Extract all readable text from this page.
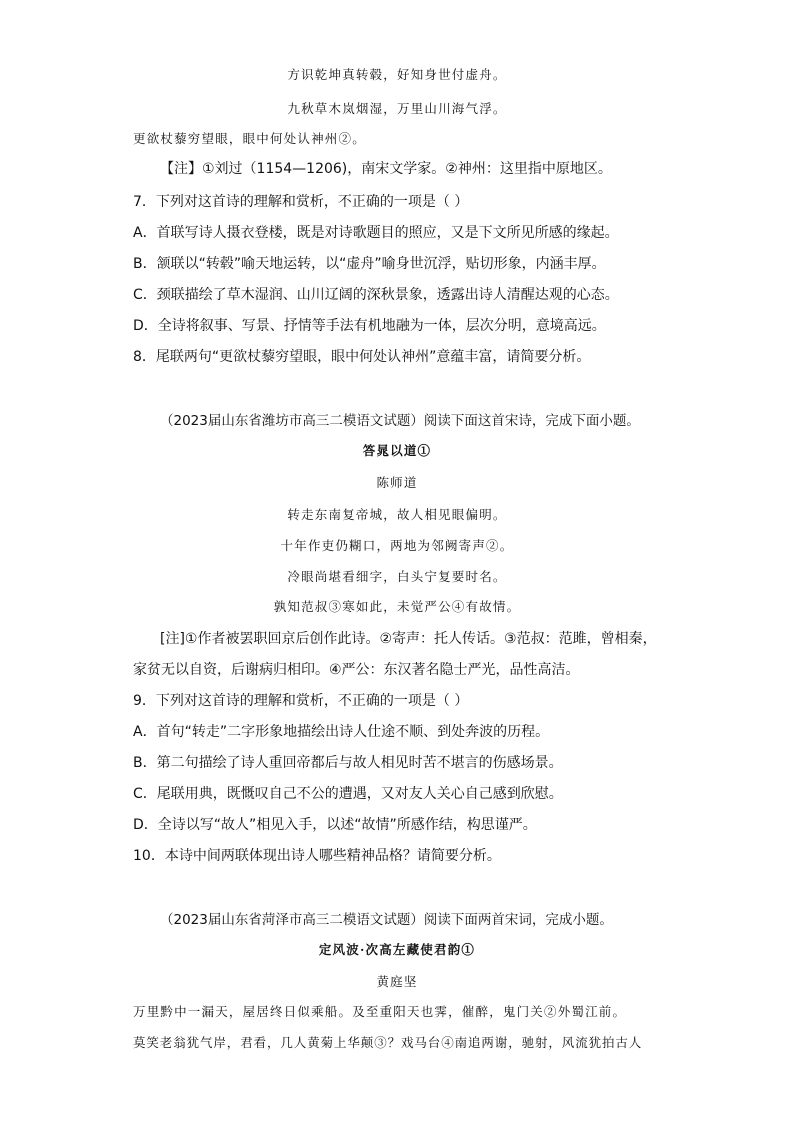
方识乾坤真转毂，好知身世付虚舟。
九秋草木岚烟湿，万里山川海气浮。
更欲杖藜穷望眼，眼中何处认神州②。
【注】①刘过（1154—1206)，南宋文学家。②神州：这里指中原地区。
7．下列对这首诗的理解和赏析，不正确的一项是（ ）
A．首联写诗人摄衣登楼，既是对诗歌题目的照应，又是下文所见所感的缘起。
B．颔联以“转毂”喻天地运转，以“虚舟”喻身世沉浮，贴切形象，内涵丰厚。
C．颈联描绘了草木湿润、山川辽阔的深秋景象，透露出诗人清醒达观的心态。
D．全诗将叙事、写景、抒情等手法有机地融为一体，层次分明，意境高远。
8．尾联两句“更欲杖藜穷望眼，眼中何处认神州”意蕴丰富，请简要分析。
（2023届山东省潍坊市高三二模语文试题）阅读下面这首宋诗，完成下面小题。
答晁以道①
陈师道
转走东南复帝城，故人相见眼偏明。
十年作吏仍糊口，两地为邻阙寄声②。
冷眼尚堪看细字，白头宁复要时名。
孰知范叔③寒如此，未觉严公④有故情。
[注]①作者被罢职回京后创作此诗。②寄声：托人传话。③范叔：范雎，曾相秦，
家贫无以自资，后谢病归相印。④严公：东汉著名隐士严光，品性高洁。
9．下列对这首诗的理解和赏析，不正确的一项是（ ）
A．首句“转走”二字形象地描绘出诗人仕途不顺、到处奔波的历程。
B．第二句描绘了诗人重回帝都后与故人相见时苦不堪言的伤感场景。
C．尾联用典，既慨叹自己不公的遭遇，又对友人关心自己感到欣慰。
D．全诗以写“故人”相见入手，以述“故情”所感作结，构思谨严。
10．本诗中间两联体现出诗人哪些精神品格？请简要分析。
（2023届山东省菏泽市高三二模语文试题）阅读下面两首宋词，完成小题。
定风波·次高左藏使君韵①
黄庭坚
万里黔中一漏天，屋居终日似乘船。及至重阳天也霁，催醉，鬼门关②外蜀江前。
莫笑老翁犹气岸，君看，几人黄菊上华颠③？戏马台④南追两谢，驰射，风流犹拍古人
